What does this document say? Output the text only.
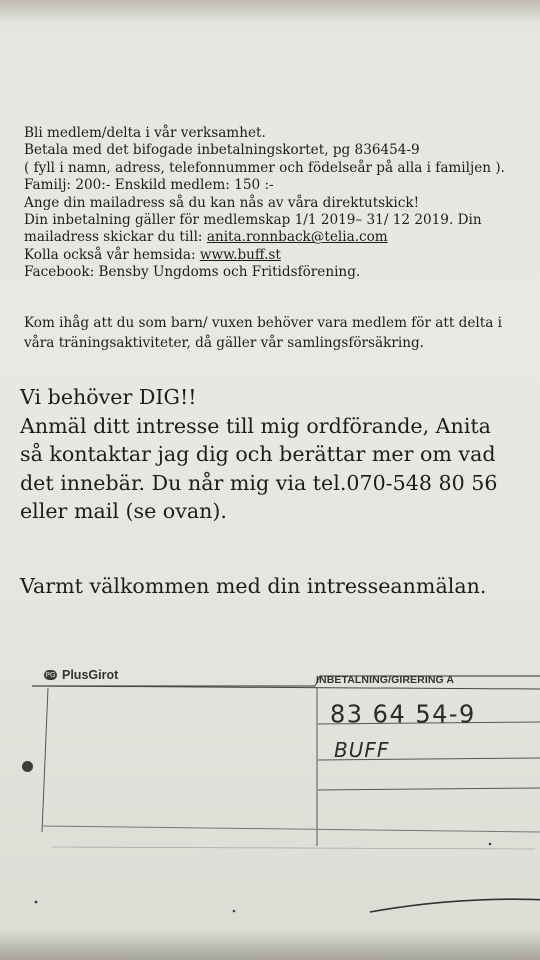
Bli medlem/delta i vår verksamhet.
Betala med det bifogade inbetalningskortet, pg 836454-9
( fyll i namn, adress, telefonnummer och födelseår på alla i familjen ).
Familj: 200:- Enskild medlem: 150 :-
Ange din mailadress så du kan nås av våra direktutskick!
Din inbetalning gäller för medlemskap 1/1 2019– 31/ 12 2019. Din
mailadress skickar du till: anita.ronnback@telia.com
Kolla också vår hemsida: www.buff.st
Facebook: Bensby Ungdoms och Fritidsförening.
Kom ihåg att du som barn/ vuxen behöver vara medlem för att delta i
våra träningsaktiviteter, då gäller vår samlingsförsäkring.
Vi behöver DIG!!
Anmäl ditt intresse till mig ordförande, Anita
så kontaktar jag dig och berättar mer om vad
det innebär. Du når mig via tel.070-548 80 56
eller mail (se ovan).
Varmt välkommen med din intresseanmälan.
PG PlusGirot	INBETALNING/GIRERING A
83 64 54-9
BUFF
